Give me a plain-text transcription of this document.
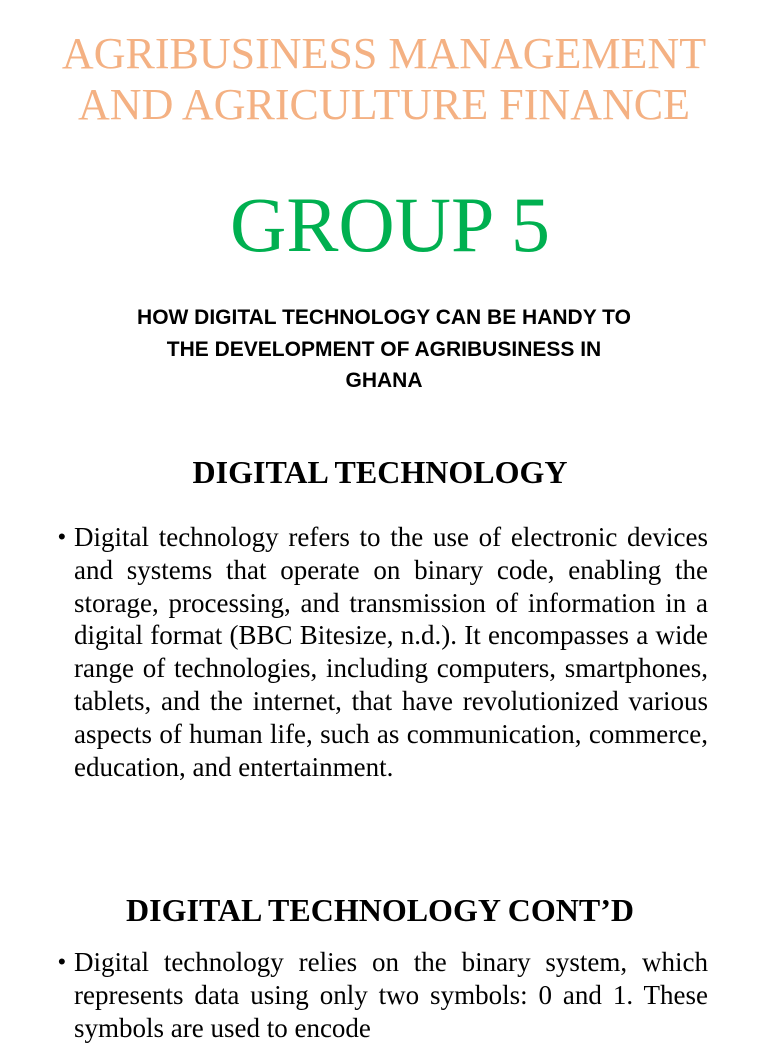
AGRIBUSINESS MANAGEMENT
AND AGRICULTURE FINANCE
GROUP 5

HOW DIGITAL TECHNOLOGY CAN BE HANDY TO
THE DEVELOPMENT OF AGRIBUSINESS IN
GHANA

DIGITAL TECHNOLOGY
• Digital technology refers to the use of electronic devices and systems that operate on binary code, enabling the storage, processing, and transmission of information in a digital format (BBC Bitesize, n.d.). It encompasses a wide range of technologies, including computers, smartphones, tablets, and the internet, that have revolutionized various aspects of human life, such as communication, commerce, education, and entertainment.
DIGITAL TECHNOLOGY CONT’D
• Digital technology relies on the binary system, which represents data using only two symbols: 0 and 1. These symbols are used to encode
